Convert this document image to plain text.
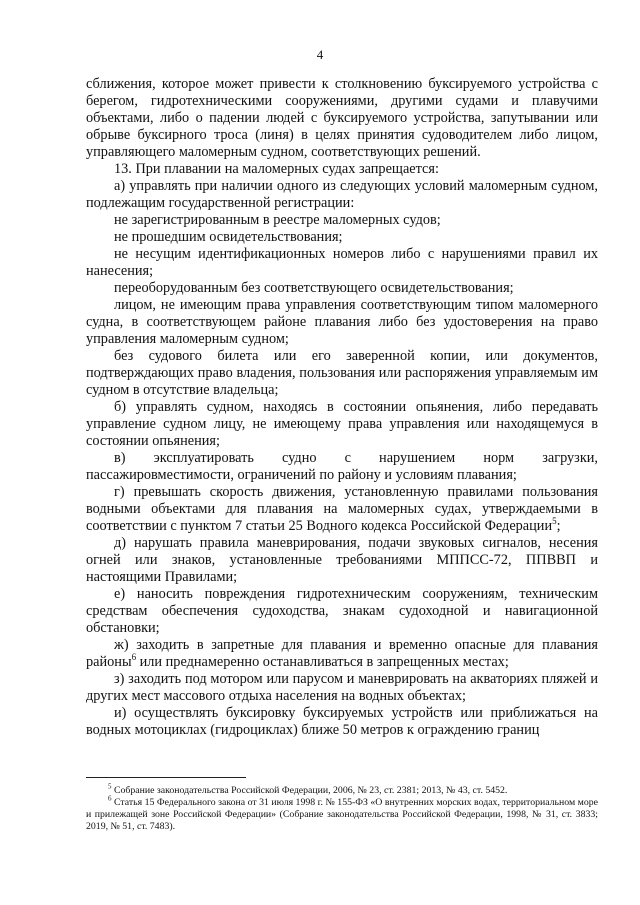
4

сближения, которое может привести к столкновению буксируемого устройства с берегом, гидротехническими сооружениями, другими судами и плавучими объектами, либо о падении людей с буксируемого устройства, запутывании или обрыве буксирного троса (линя) в целях принятия судоводителем либо лицом, управляющего маломерным судном, соответствующих решений.

13. При плавании на маломерных судах запрещается:

а) управлять при наличии одного из следующих условий маломерным судном, подлежащим государственной регистрации:

не зарегистрированным в реестре маломерных судов;

не прошедшим освидетельствования;

не несущим идентификационных номеров либо с нарушениями правил их нанесения;

переоборудованным без соответствующего освидетельствования;

лицом, не имеющим права управления соответствующим типом маломерного судна, в соответствующем районе плавания либо без удостоверения на право управления маломерным судном;

без судового билета или его заверенной копии, или документов, подтверждающих право владения, пользования или распоряжения управляемым им судном в отсутствие владельца;

б) управлять судном, находясь в состоянии опьянения, либо передавать управление судном лицу, не имеющему права управления или находящемуся в состоянии опьянения;

в) эксплуатировать судно с нарушением норм загрузки, пассажировместимости, ограничений по району и условиям плавания;

г) превышать скорость движения, установленную правилами пользования водными объектами для плавания на маломерных судах, утверждаемыми в соответствии с пунктом 7 статьи 25 Водного кодекса Российской Федерации$^5$;

д) нарушать правила маневрирования, подачи звуковых сигналов, несения огней или знаков, установленные требованиями МППСС-72, ППВВП и настоящими Правилами;

е) наносить повреждения гидротехническим сооружениям, техническим средствам обеспечения судоходства, знакам судоходной и навигационной обстановки;

ж) заходить в запретные для плавания и временно опасные для плавания районы$^6$ или преднамеренно останавливаться в запрещенных местах;

з) заходить под мотором или парусом и маневрировать на акваториях пляжей и других мест массового отдыха населения на водных объектах;

и) осуществлять буксировку буксируемых устройств или приближаться на водных мотоциклах (гидроциклах) ближе 50 метров к ограждению границ

$^5$ Собрание законодательства Российской Федерации, 2006, № 23, ст. 2381; 2013, № 43, ст. 5452.

$^6$ Статья 15 Федерального закона от 31 июля 1998 г. № 155-ФЗ «О внутренних морских водах, территориальном море и прилежащей зоне Российской Федерации» (Собрание законодательства Российской Федерации, 1998, № 31, ст. 3833; 2019, № 51, ст. 7483).
